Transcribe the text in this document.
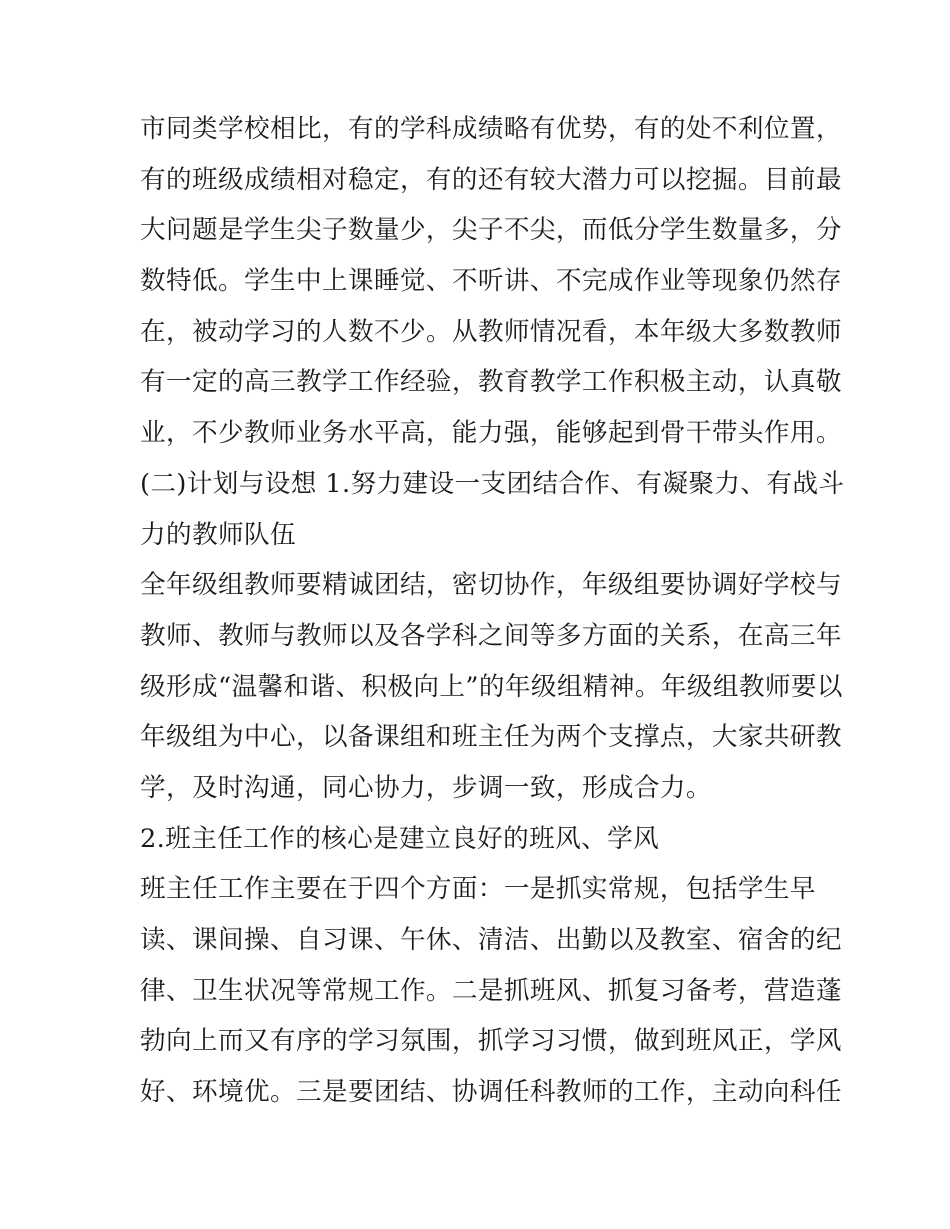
市同类学校相比，有的学科成绩略有优势，有的处不利位置，
有的班级成绩相对稳定，有的还有较大潜力可以挖掘。目前最
大问题是学生尖子数量少，尖子不尖，而低分学生数量多，分
数特低。学生中上课睡觉、不听讲、不完成作业等现象仍然存
在，被动学习的人数不少。从教师情况看，本年级大多数教师
有一定的高三教学工作经验，教育教学工作积极主动，认真敬
业，不少教师业务水平高，能力强，能够起到骨干带头作用。
(二)计划与设想 1.努力建设一支团结合作、有凝聚力、有战斗
力的教师队伍
全年级组教师要精诚团结，密切协作，年级组要协调好学校与
教师、教师与教师以及各学科之间等多方面的关系，在高三年
级形成“温馨和谐、积极向上”的年级组精神。年级组教师要以
年级组为中心，以备课组和班主任为两个支撑点，大家共研教
学，及时沟通，同心协力，步调一致，形成合力。
2.班主任工作的核心是建立良好的班风、学风
班主任工作主要在于四个方面：一是抓实常规，包括学生早
读、课间操、自习课、午休、清洁、出勤以及教室、宿舍的纪
律、卫生状况等常规工作。二是抓班风、抓复习备考，营造蓬
勃向上而又有序的学习氛围，抓学习习惯，做到班风正，学风
好、环境优。三是要团结、协调任科教师的工作，主动向科任
